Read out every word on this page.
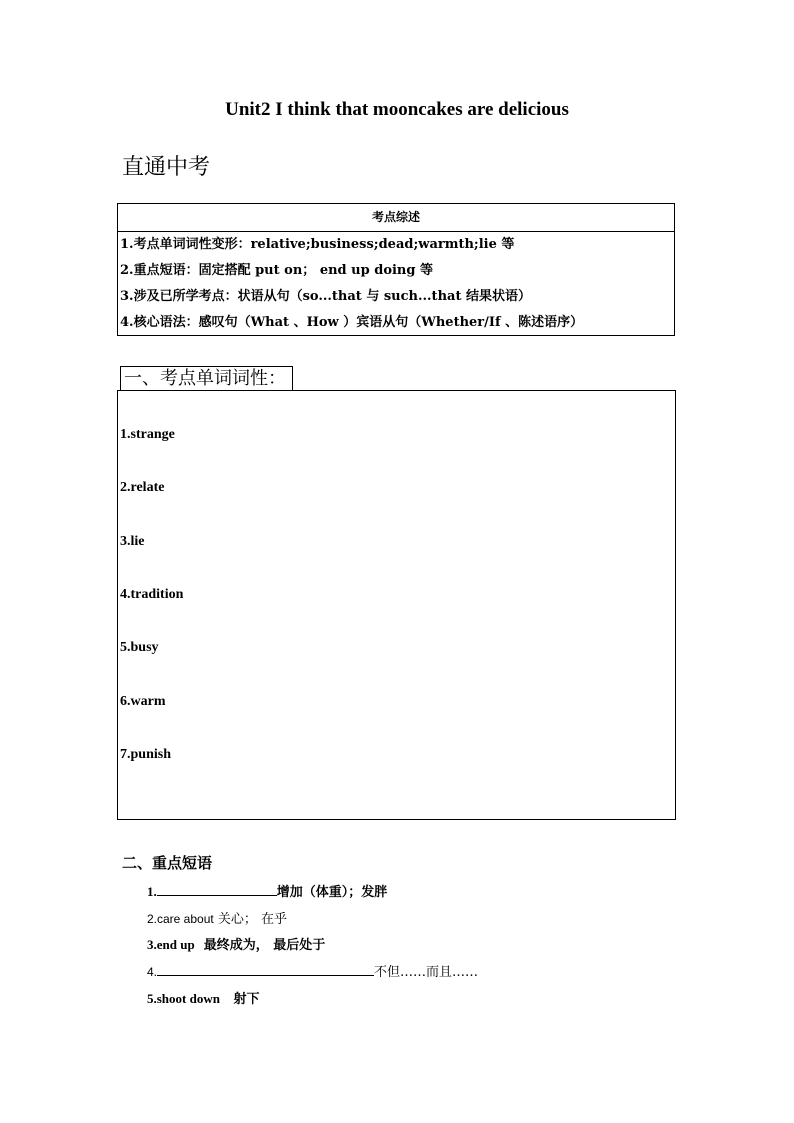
Unit2 I think that mooncakes are delicious
直通中考
考点综述
1.考点单词词性变形：relative;business;dead;warmth;lie 等
2.重点短语：固定搭配 put on； end up doing 等
3.涉及已所学考点：状语从句（so...that 与 such...that 结果状语）
4.核心语法：感叹句（What 、How ）宾语从句（Whether/If 、陈述语序）
一、考点单词词性：
1.strange
2.relate
3.lie
4.tradition
5.busy
6.warm
7.punish
二、重点短语
1.	增加（体重）；发胖
2.care about 关心； 在乎
3.end up 最终成为， 最后处于
4.	不但……而且……
5.shoot down 射下
